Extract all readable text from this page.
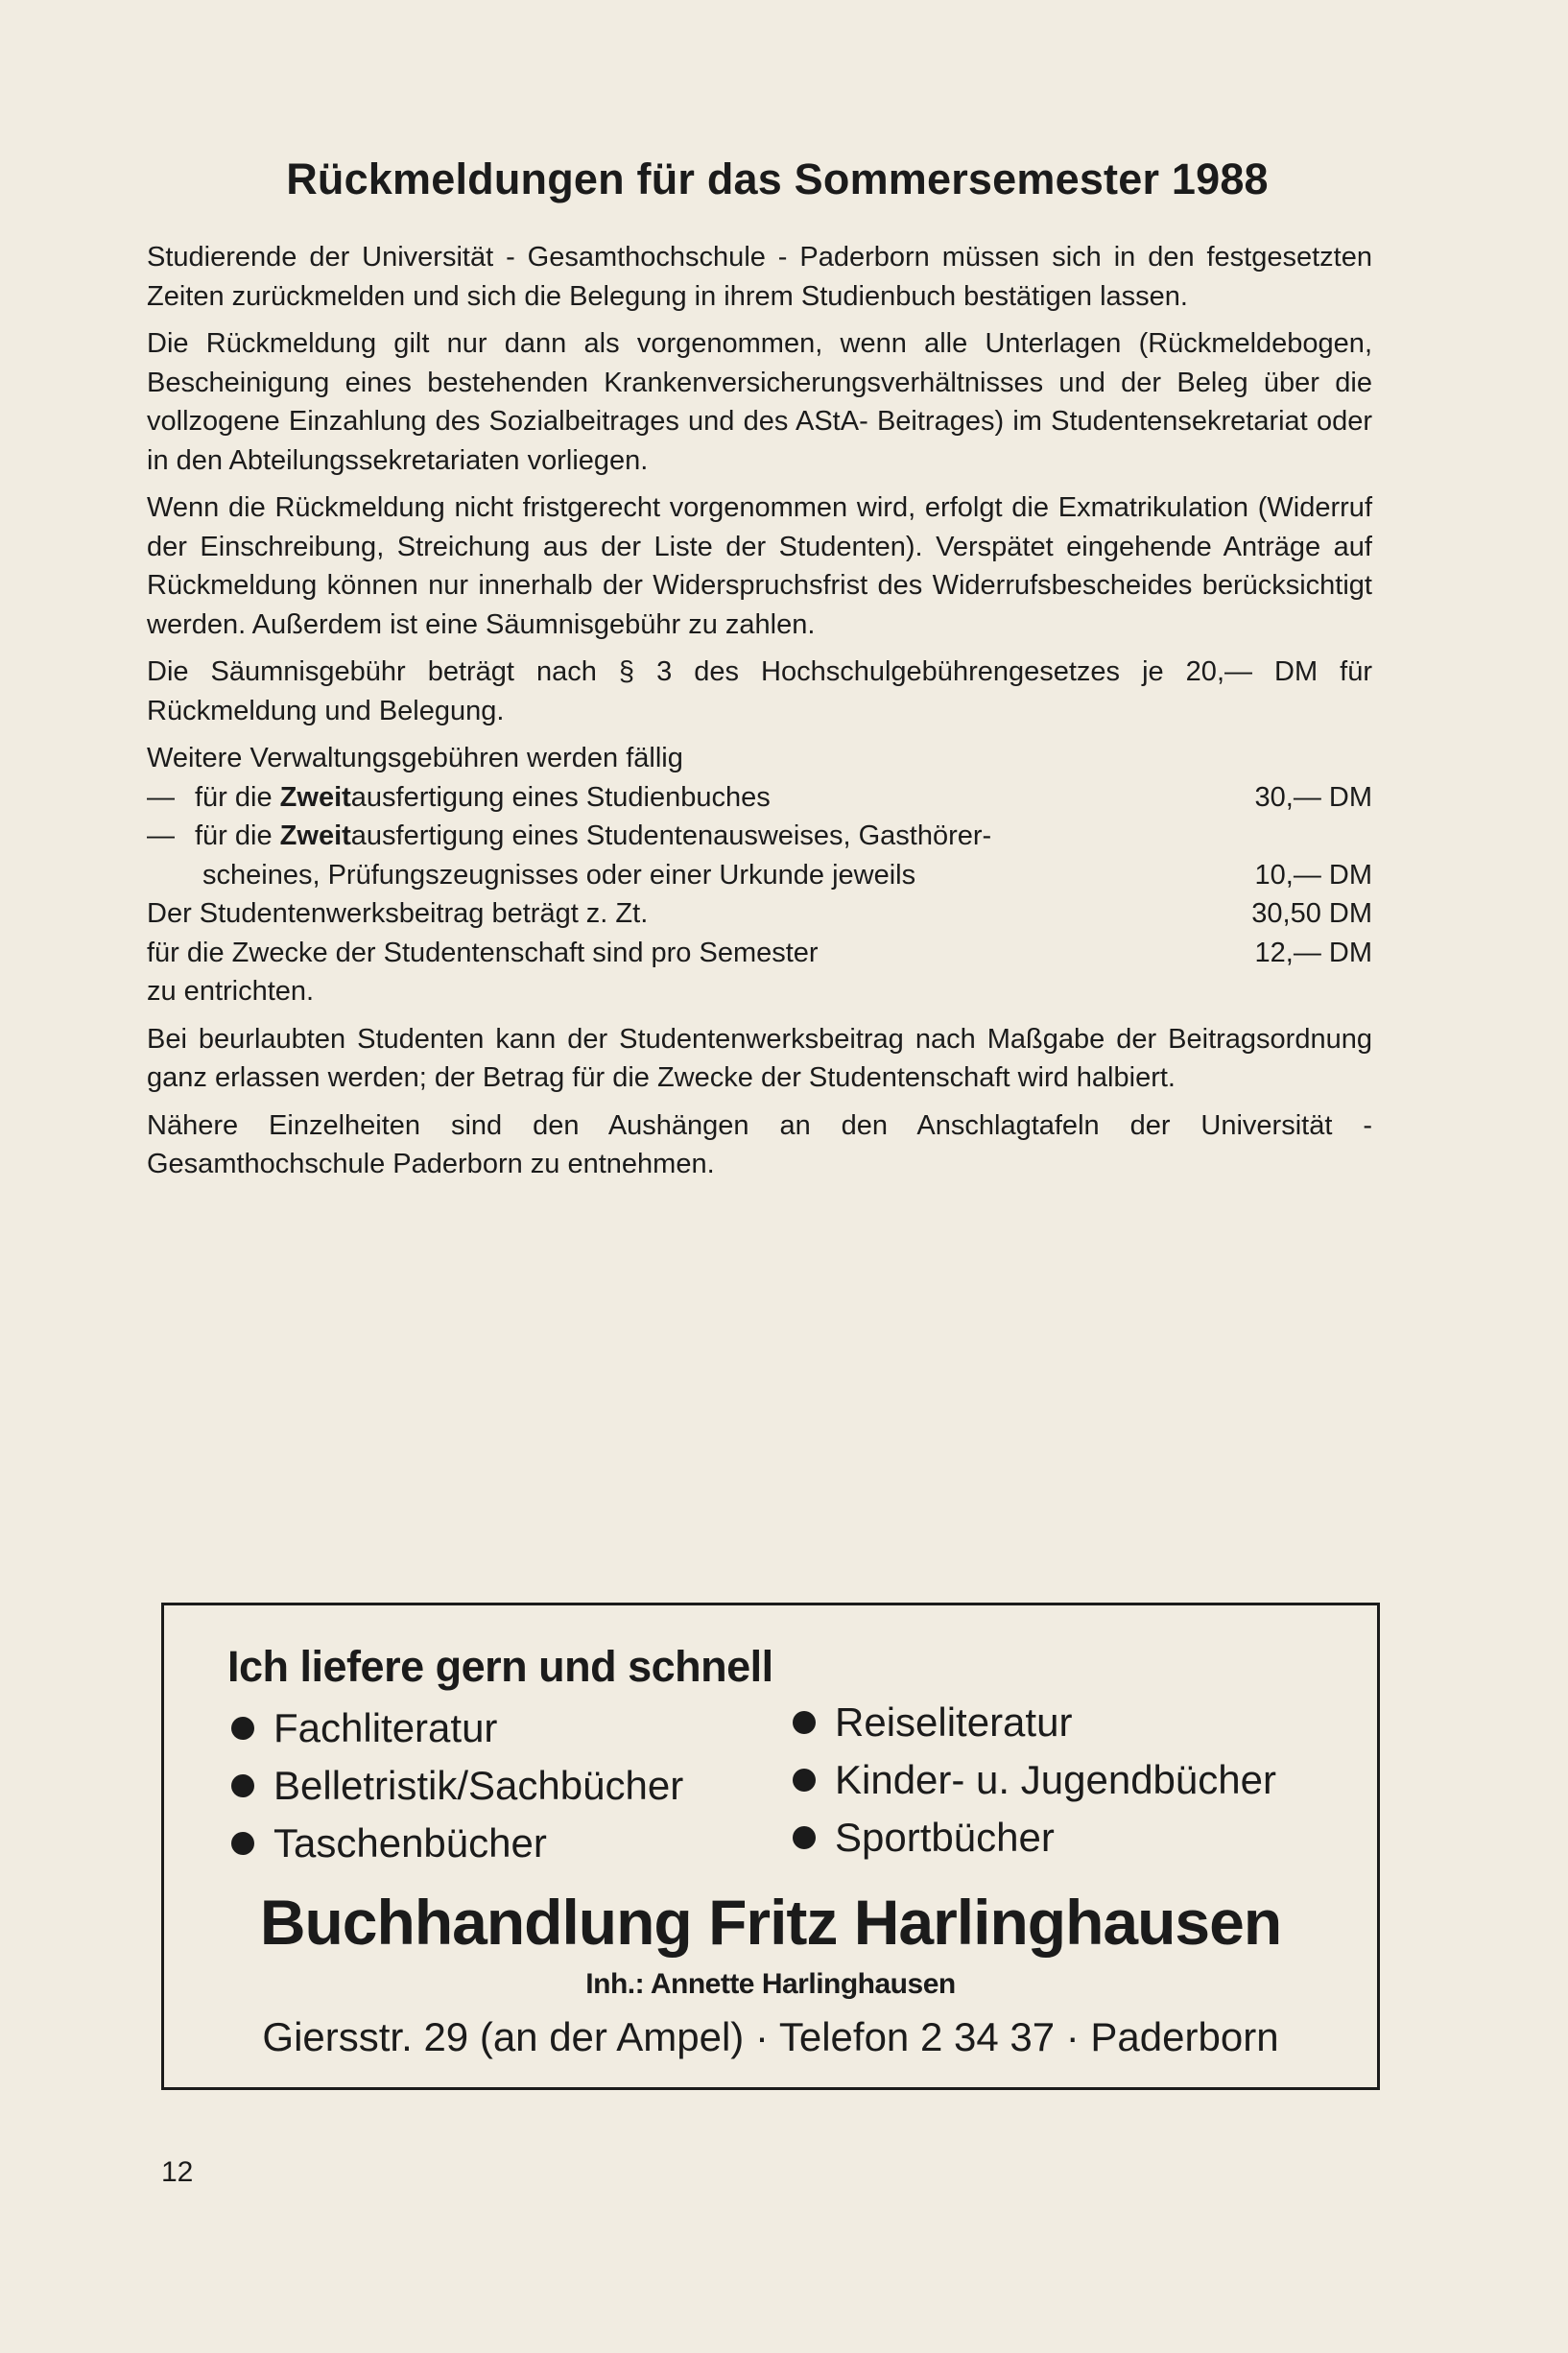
Rückmeldungen für das Sommersemester 1988

Studierende der Universität - Gesamthochschule - Paderborn müssen sich in den festgesetzten Zeiten zurückmelden und sich die Belegung in ihrem Studienbuch bestätigen lassen.

Die Rückmeldung gilt nur dann als vorgenommen, wenn alle Unterlagen (Rückmeldebogen, Bescheinigung eines bestehenden Krankenversicherungsverhältnisses und der Beleg über die vollzogene Einzahlung des Sozialbeitrages und des AStA- Beitrages) im Studentensekretariat oder in den Abteilungssekretariaten vorliegen.

Wenn die Rückmeldung nicht fristgerecht vorgenommen wird, erfolgt die Exmatrikulation (Widerruf der Einschreibung, Streichung aus der Liste der Studenten). Verspätet eingehende Anträge auf Rückmeldung können nur innerhalb der Widerspruchsfrist des Widerrufsbescheides berücksichtigt werden. Außerdem ist eine Säumnisgebühr zu zahlen.

Die Säumnisgebühr beträgt nach § 3 des Hochschulgebührengesetzes je 20,— DM für Rückmeldung und Belegung.

Weitere Verwaltungsgebühren werden fällig
— für die Zweitausfertigung eines Studienbuches	30,— DM
— für die Zweitausfertigung eines Studentenausweises, Gasthörer-
scheines, Prüfungszeugnisses oder einer Urkunde jeweils	10,— DM
Der Studentenwerksbeitrag beträgt z. Zt.	30,50 DM
für die Zwecke der Studentenschaft sind pro Semester	12,— DM
zu entrichten.

Bei beurlaubten Studenten kann der Studentenwerksbeitrag nach Maßgabe der Beitragsordnung ganz erlassen werden; der Betrag für die Zwecke der Studentenschaft wird halbiert.

Nähere Einzelheiten sind den Aushängen an den Anschlagtafeln der Universität - Gesamthochschule Paderborn zu entnehmen.

Ich liefere gern und schnell
Fachliteratur
Belletristik/Sachbücher
Taschenbücher
Reiseliteratur
Kinder- u. Jugendbücher
Sportbücher
Buchhandlung Fritz Harlinghausen
Inh.: Annette Harlinghausen
Giersstr. 29 (an der Ampel) · Telefon 2 34 37 · Paderborn
12
